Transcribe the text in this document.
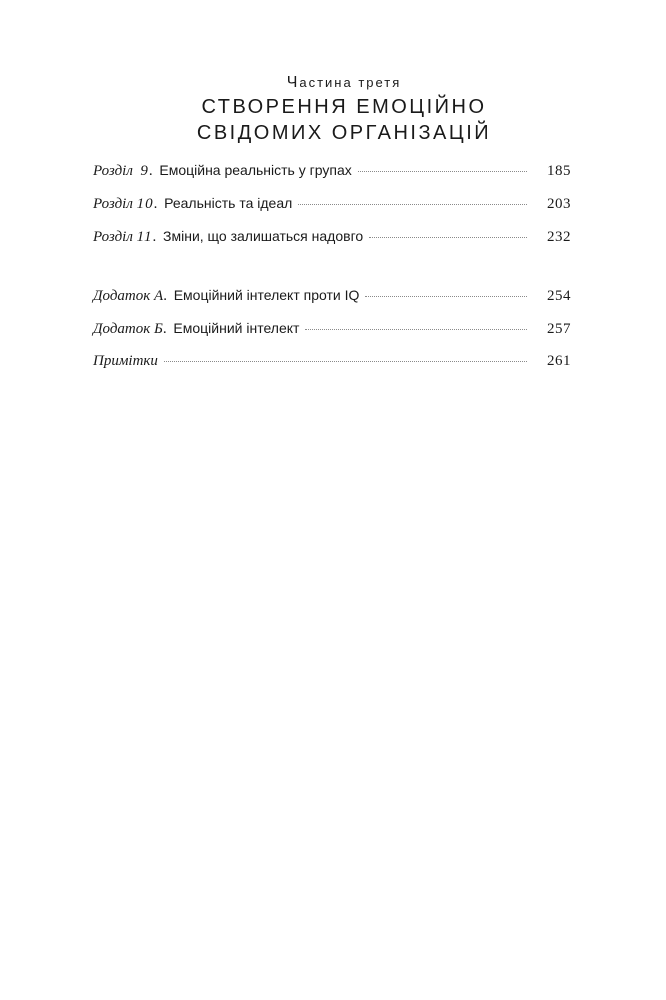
Частина третя
СТВОРЕННЯ ЕМОЦІЙНО
СВІДОМИХ ОРГАНІЗАЦІЙ
Розділ 9. Емоційна реальність у групах	185
Розділ 10. Реальність та ідеал	203
Розділ 11. Зміни, що залишаться надовго	232
Додаток А. Емоційний інтелект проти IQ	254
Додаток Б. Емоційний інтелект	257
Примітки	261
